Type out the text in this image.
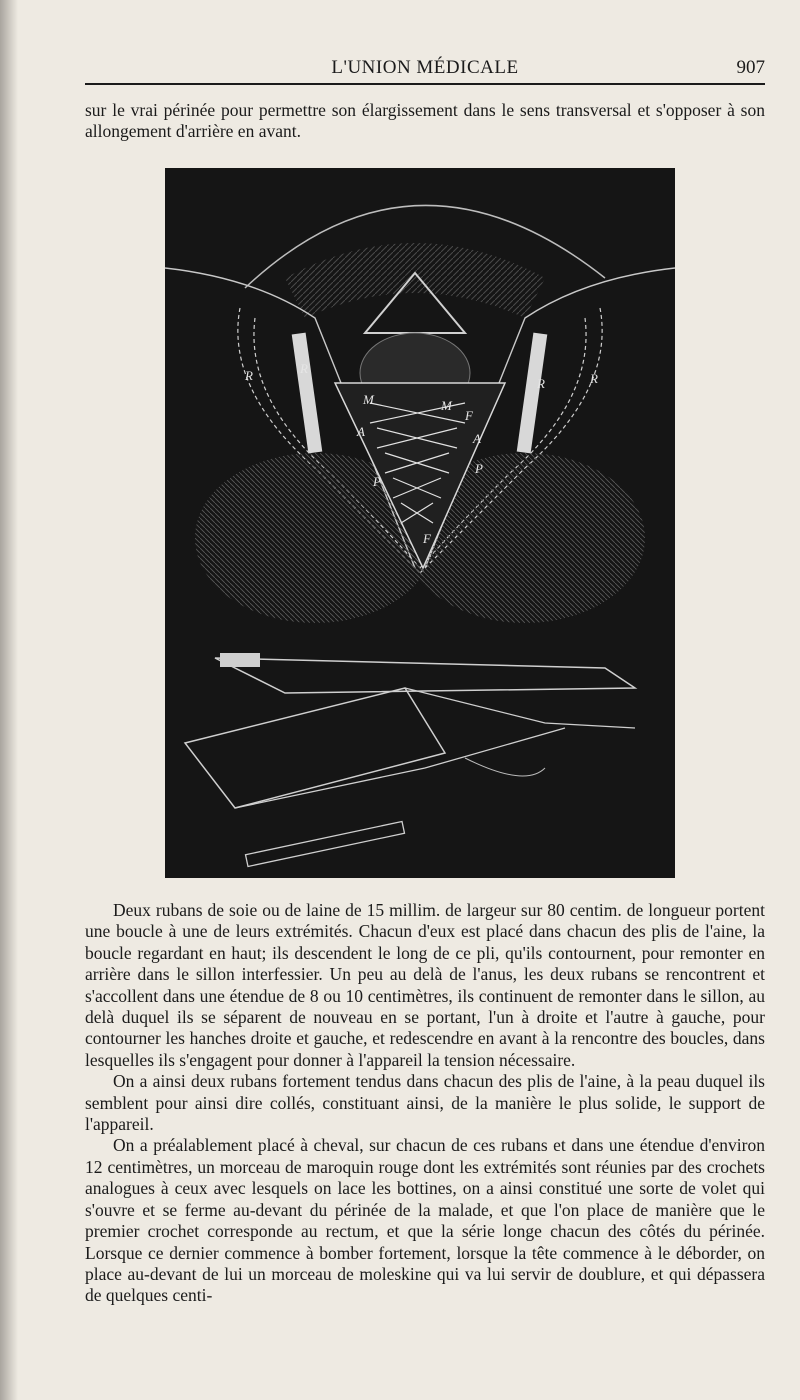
L'UNION MÉDICALE	907
sur le vrai périnée pour permettre son élargissement dans le sens transversal et s'opposer à son allongement d'arrière en avant.
R	R
R	R
M	M
A	A
P
P
F
F

Deux rubans de soie ou de laine de 15 millim. de largeur sur 80 centim. de longueur portent une boucle à une de leurs extrémités. Chacun d'eux est placé dans chacun des plis de l'aine, la boucle regardant en haut; ils descendent le long de ce pli, qu'ils contournent, pour remonter en arrière dans le sillon interfessier. Un peu au delà de l'anus, les deux rubans se rencontrent et s'accollent dans une étendue de 8 ou 10 centimètres, ils continuent de remonter dans le sillon, au delà duquel ils se séparent de nouveau en se portant, l'un à droite et l'autre à gauche, pour contourner les hanches droite et gauche, et redescendre en avant à la rencontre des boucles, dans lesquelles ils s'engagent pour donner à l'appareil la tension nécessaire.

On a ainsi deux rubans fortement tendus dans chacun des plis de l'aine, à la peau duquel ils semblent pour ainsi dire collés, constituant ainsi, de la manière le plus solide, le support de l'appareil.

On a préalablement placé à cheval, sur chacun de ces rubans et dans une étendue d'environ 12 centimètres, un morceau de maroquin rouge dont les extrémités sont réunies par des crochets analogues à ceux avec lesquels on lace les bottines, on a ainsi constitué une sorte de volet qui s'ouvre et se ferme au-devant du périnée de la malade, et que l'on place de manière que le premier crochet corresponde au rectum, et que la série longe chacun des côtés du périnée. Lorsque ce dernier commence à bomber fortement, lorsque la tête commence à le déborder, on place au-devant de lui un morceau de moleskine qui va lui servir de doublure, et qui dépassera de quelques centi-
